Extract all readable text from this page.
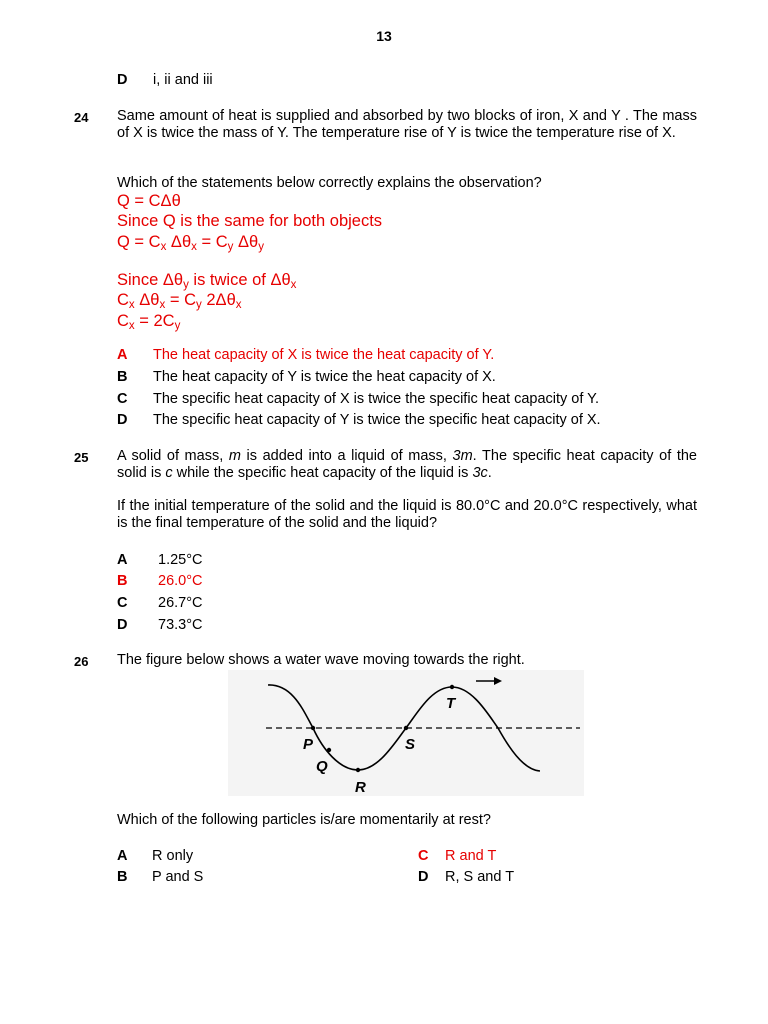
13
D i, ii and iii
24 Same amount of heat is supplied and absorbed by two blocks of iron, X and Y . The mass of X is twice the mass of Y. The temperature rise of Y is twice the temperature rise of X.
Which of the statements below correctly explains the observation?
Q = CΔθ
Since Q is the same for both objects
$Q = C_x$ $\Delta\theta_x = C_y$ $\Delta\theta_y$
Since $\Delta\theta_y$ is twice of $\Delta\theta_x$
$C_x$ $\Delta\theta_x = C_y$ $2\Delta\theta_x$
$C_x = 2C_y$
A The heat capacity of X is twice the heat capacity of Y.
B The heat capacity of Y is twice the heat capacity of X.
C The specific heat capacity of X is twice the specific heat capacity of Y.
D The specific heat capacity of Y is twice the specific heat capacity of X.
25 A solid of mass, m is added into a liquid of mass, 3m. The specific heat capacity of the solid is c while the specific heat capacity of the liquid is 3c.
If the initial temperature of the solid and the liquid is 80.0°C and 20.0°C respectively, what is the final temperature of the solid and the liquid?
A 1.25°C
B 26.0°C
C 26.7°C
D 73.3°C
26 The figure below shows a water wave moving towards the right.
P
Q
R
S
T
Which of the following particles is/are momentarily at rest?
A R only
B P and S
C R and T
D R, S and T
